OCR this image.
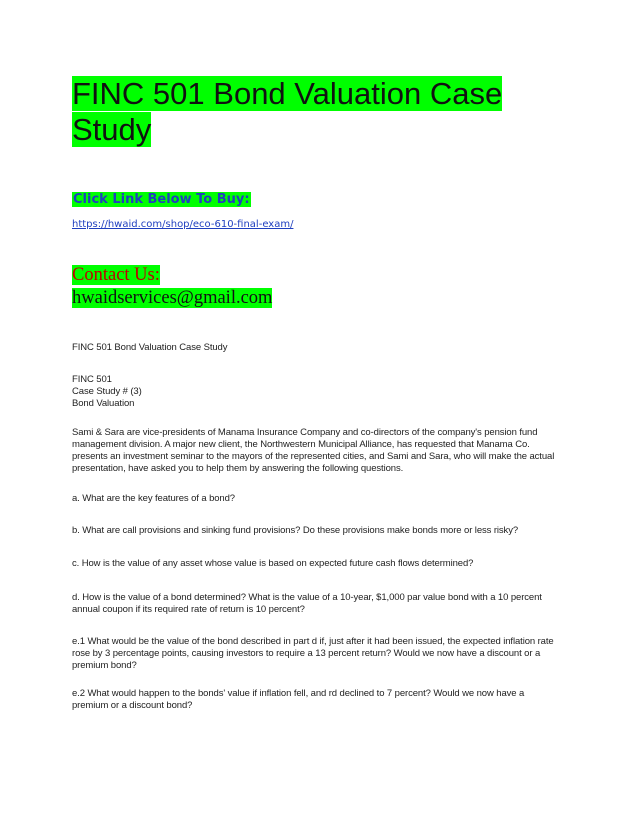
FINC 501 Bond Valuation Case
Study
Click Link Below To Buy:
https://hwaid.com/shop/eco-610-final-exam/
Contact Us:
hwaidservices@gmail.com
FINC 501 Bond Valuation Case Study
FINC 501
Case Study # (3)
Bond Valuation
Sami & Sara are vice-presidents of Manama Insurance Company and co-directors of the company's pension fund
management division. A major new client, the Northwestern Municipal Alliance, has requested that Manama Co.
presents an investment seminar to the mayors of the represented cities, and Sami and Sara, who will make the actual
presentation, have asked you to help them by answering the following questions.
a. What are the key features of a bond?
b. What are call provisions and sinking fund provisions? Do these provisions make bonds more or less risky?
c. How is the value of any asset whose value is based on expected future cash flows determined?
d. How is the value of a bond determined? What is the value of a 10-year, $1,000 par value bond with a 10 percent
annual coupon if its required rate of return is 10 percent?
e.1 What would be the value of the bond described in part d if, just after it had been issued, the expected inflation rate
rose by 3 percentage points, causing investors to require a 13 percent return? Would we now have a discount or a
premium bond?
e.2 What would happen to the bonds' value if inflation fell, and rd declined to 7 percent? Would we now have a
premium or a discount bond?
